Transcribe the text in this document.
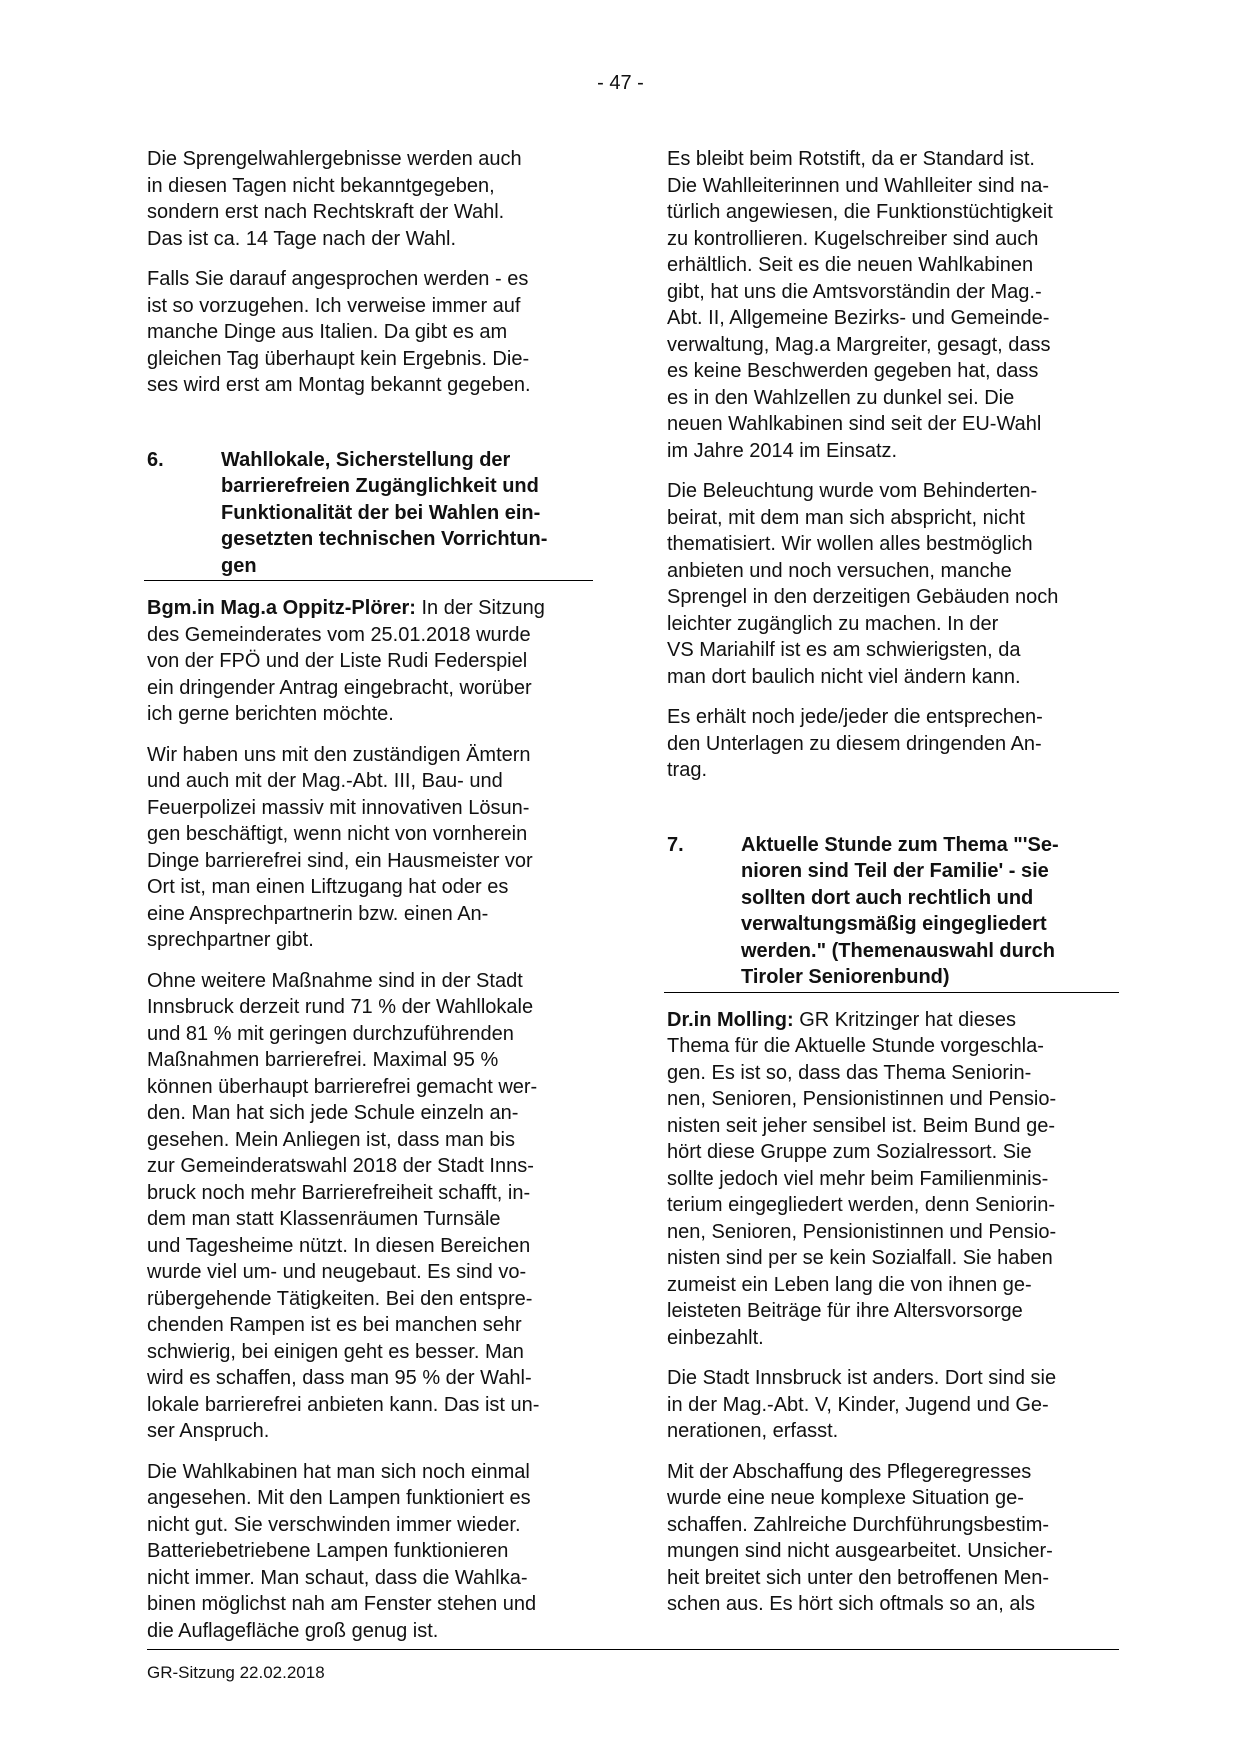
- 47 -

Die Sprengelwahlergebnisse werden auch
in diesen Tagen nicht bekanntgegeben,
sondern erst nach Rechtskraft der Wahl.
Das ist ca. 14 Tage nach der Wahl.

Falls Sie darauf angesprochen werden - es
ist so vorzugehen. Ich verweise immer auf
manche Dinge aus Italien. Da gibt es am
gleichen Tag überhaupt kein Ergebnis. Die-
ses wird erst am Montag bekannt gegeben.

6.	Wahllokale, Sicherstellung der
barrierefreien Zugänglichkeit und
Funktionalität der bei Wahlen ein-
gesetzten technischen Vorrichtun-
gen

Bgm.in Mag.a Oppitz-Plörer: In der Sitzung
des Gemeinderates vom 25.01.2018 wurde
von der FPÖ und der Liste Rudi Federspiel
ein dringender Antrag eingebracht, worüber
ich gerne berichten möchte.

Wir haben uns mit den zuständigen Ämtern
und auch mit der Mag.-Abt. III, Bau- und
Feuerpolizei massiv mit innovativen Lösun-
gen beschäftigt, wenn nicht von vornherein
Dinge barrierefrei sind, ein Hausmeister vor
Ort ist, man einen Liftzugang hat oder es
eine Ansprechpartnerin bzw. einen An-
sprechpartner gibt.

Ohne weitere Maßnahme sind in der Stadt
Innsbruck derzeit rund 71 % der Wahllokale
und 81 % mit geringen durchzuführenden
Maßnahmen barrierefrei. Maximal 95 %
können überhaupt barrierefrei gemacht wer-
den. Man hat sich jede Schule einzeln an-
gesehen. Mein Anliegen ist, dass man bis
zur Gemeinderatswahl 2018 der Stadt Inns-
bruck noch mehr Barrierefreiheit schafft, in-
dem man statt Klassenräumen Turnsäle
und Tagesheime nützt. In diesen Bereichen
wurde viel um- und neugebaut. Es sind vo-
rübergehende Tätigkeiten. Bei den entspre-
chenden Rampen ist es bei manchen sehr
schwierig, bei einigen geht es besser. Man
wird es schaffen, dass man 95 % der Wahl-
lokale barrierefrei anbieten kann. Das ist un-
ser Anspruch.

Die Wahlkabinen hat man sich noch einmal
angesehen. Mit den Lampen funktioniert es
nicht gut. Sie verschwinden immer wieder.
Batteriebetriebene Lampen funktionieren
nicht immer. Man schaut, dass die Wahlka-
binen möglichst nah am Fenster stehen und
die Auflagefläche groß genug ist.

Es bleibt beim Rotstift, da er Standard ist.
Die Wahlleiterinnen und Wahlleiter sind na-
türlich angewiesen, die Funktionstüchtigkeit
zu kontrollieren. Kugelschreiber sind auch
erhältlich. Seit es die neuen Wahlkabinen
gibt, hat uns die Amtsvorständin der Mag.-
Abt. II, Allgemeine Bezirks- und Gemeinde-
verwaltung, Mag.a Margreiter, gesagt, dass
es keine Beschwerden gegeben hat, dass
es in den Wahlzellen zu dunkel sei. Die
neuen Wahlkabinen sind seit der EU-Wahl
im Jahre 2014 im Einsatz.

Die Beleuchtung wurde vom Behinderten-
beirat, mit dem man sich abspricht, nicht
thematisiert. Wir wollen alles bestmöglich
anbieten und noch versuchen, manche
Sprengel in den derzeitigen Gebäuden noch
leichter zugänglich zu machen. In der
VS Mariahilf ist es am schwierigsten, da
man dort baulich nicht viel ändern kann.

Es erhält noch jede/jeder die entsprechen-
den Unterlagen zu diesem dringenden An-
trag.

7.	Aktuelle Stunde zum Thema "'Se-
nioren sind Teil der Familie' - sie
sollten dort auch rechtlich und
verwaltungsmäßig eingegliedert
werden." (Themenauswahl durch
Tiroler Seniorenbund)

Dr.in Molling: GR Kritzinger hat dieses
Thema für die Aktuelle Stunde vorgeschla-
gen. Es ist so, dass das Thema Seniorin-
nen, Senioren, Pensionistinnen und Pensio-
nisten seit jeher sensibel ist. Beim Bund ge-
hört diese Gruppe zum Sozialressort. Sie
sollte jedoch viel mehr beim Familienminis-
terium eingegliedert werden, denn Seniorin-
nen, Senioren, Pensionistinnen und Pensio-
nisten sind per se kein Sozialfall. Sie haben
zumeist ein Leben lang die von ihnen ge-
leisteten Beiträge für ihre Altersvorsorge
einbezahlt.

Die Stadt Innsbruck ist anders. Dort sind sie
in der Mag.-Abt. V, Kinder, Jugend und Ge-
nerationen, erfasst.

Mit der Abschaffung des Pflegeregresses
wurde eine neue komplexe Situation ge-
schaffen. Zahlreiche Durchführungsbestim-
mungen sind nicht ausgearbeitet. Unsicher-
heit breitet sich unter den betroffenen Men-
schen aus. Es hört sich oftmals so an, als

GR-Sitzung 22.02.2018
